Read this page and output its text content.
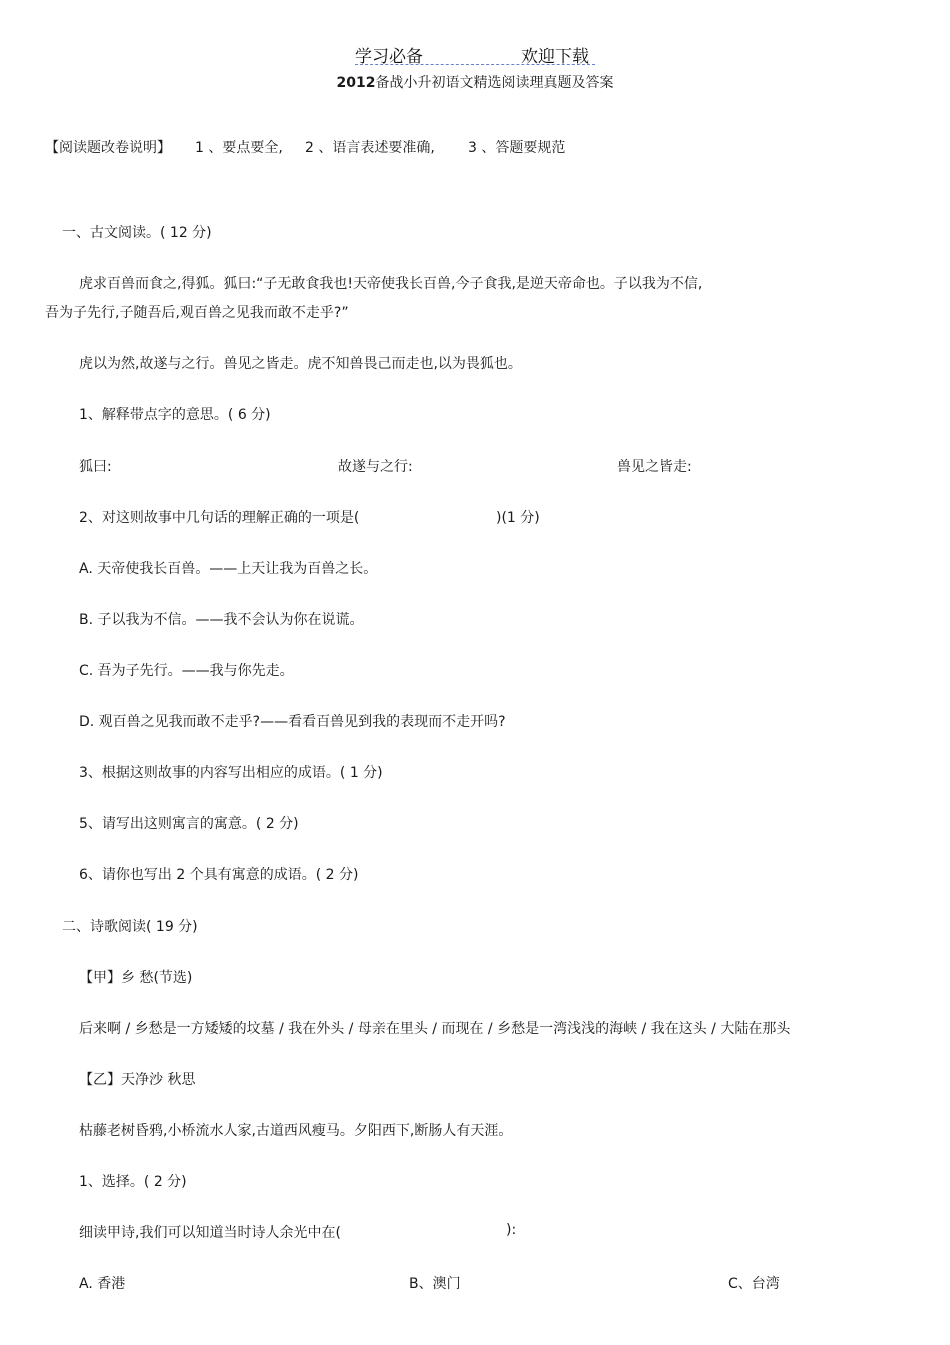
学习必备	欢迎下载
2012备战小升初语文精选阅读理真题及答案
【阅读题改卷说明】 1 、要点要全, 2 、语言表述要准确, 3 、答题要规范
一、古文阅读。( 12 分)
虎求百兽而食之,得狐。狐曰:“子无敢食我也!天帝使我长百兽,今子食我,是逆天帝命也。子以我为不信,
吾为子先行,子随吾后,观百兽之见我而敢不走乎?”
虎以为然,故遂与之行。兽见之皆走。虎不知兽畏己而走也,以为畏狐也。
1、解释带点字的意思。( 6 分)
狐曰:	故遂与之行:	兽见之皆走:
2、对这则故事中几句话的理解正确的一项是(	)(1 分)
A. 天帝使我长百兽。——上天让我为百兽之长。
B. 子以我为不信。——我不会认为你在说谎。
C. 吾为子先行。——我与你先走。
D. 观百兽之见我而敢不走乎?——看看百兽见到我的表现而不走开吗?
3、根据这则故事的内容写出相应的成语。( 1 分)
5、请写出这则寓言的寓意。( 2 分)
6、请你也写出 2 个具有寓意的成语。( 2 分)
二、诗歌阅读( 19 分)
【甲】乡 愁(节选)
后来啊 / 乡愁是一方矮矮的坟墓 / 我在外头 / 母亲在里头 / 而现在 / 乡愁是一湾浅浅的海峡 / 我在这头 / 大陆在那头
【乙】天净沙 秋思
枯藤老树昏鸦,小桥流水人家,古道西风瘦马。夕阳西下,断肠人有天涯。
1、选择。( 2 分)
细读甲诗,我们可以知道当时诗人余光中在(	):
A. 香港	B、澳门	C、台湾
